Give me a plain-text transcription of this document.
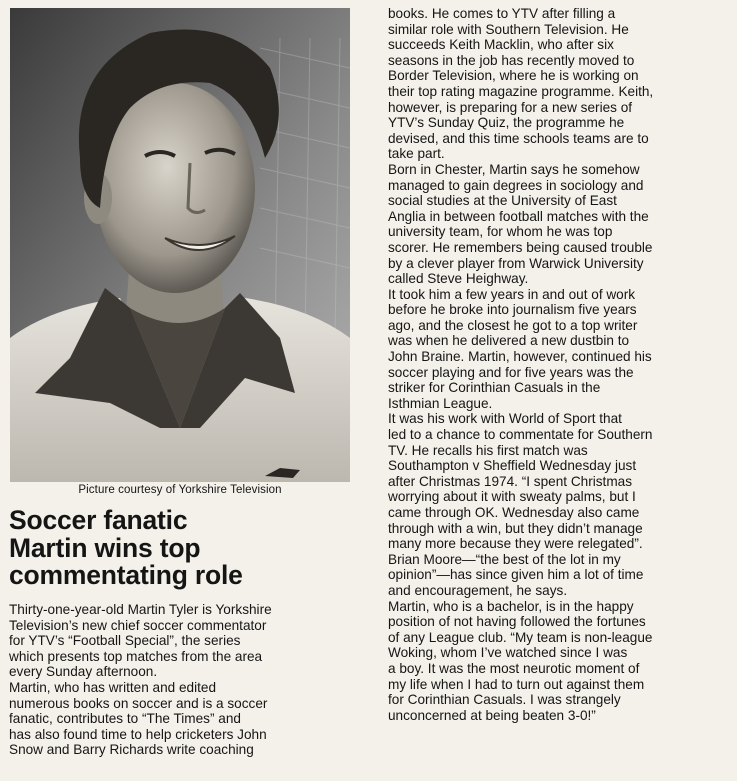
Picture courtesy of Yorkshire Television
Soccer fanatic
Martin wins top
commentating role
Thirty-one-year-old Martin Tyler is Yorkshire
Television’s new chief soccer commentator
for YTV’s “Football Special”, the series
which presents top matches from the area
every Sunday afternoon.
Martin, who has written and edited
numerous books on soccer and is a soccer
fanatic, contributes to “The Times” and
has also found time to help cricketers John
Snow and Barry Richards write coaching
books. He comes to YTV after filling a
similar role with Southern Television. He
succeeds Keith Macklin, who after six
seasons in the job has recently moved to
Border Television, where he is working on
their top rating magazine programme. Keith,
however, is preparing for a new series of
YTV’s Sunday Quiz, the programme he
devised, and this time schools teams are to
take part.
Born in Chester, Martin says he somehow
managed to gain degrees in sociology and
social studies at the University of East
Anglia in between football matches with the
university team, for whom he was top
scorer. He remembers being caused trouble
by a clever player from Warwick University
called Steve Heighway.
It took him a few years in and out of work
before he broke into journalism five years
ago, and the closest he got to a top writer
was when he delivered a new dustbin to
John Braine. Martin, however, continued his
soccer playing and for five years was the
striker for Corinthian Casuals in the
Isthmian League.
It was his work with World of Sport that
led to a chance to commentate for Southern
TV. He recalls his first match was
Southampton v Sheffield Wednesday just
after Christmas 1974. “I spent Christmas
worrying about it with sweaty palms, but I
came through OK. Wednesday also came
through with a win, but they didn’t manage
many more because they were relegated”.
Brian Moore—“the best of the lot in my
opinion”—has since given him a lot of time
and encouragement, he says.
Martin, who is a bachelor, is in the happy
position of not having followed the fortunes
of any League club. “My team is non-league
Woking, whom I’ve watched since I was
a boy. It was the most neurotic moment of
my life when I had to turn out against them
for Corinthian Casuals. I was strangely
unconcerned at being beaten 3-0!”
